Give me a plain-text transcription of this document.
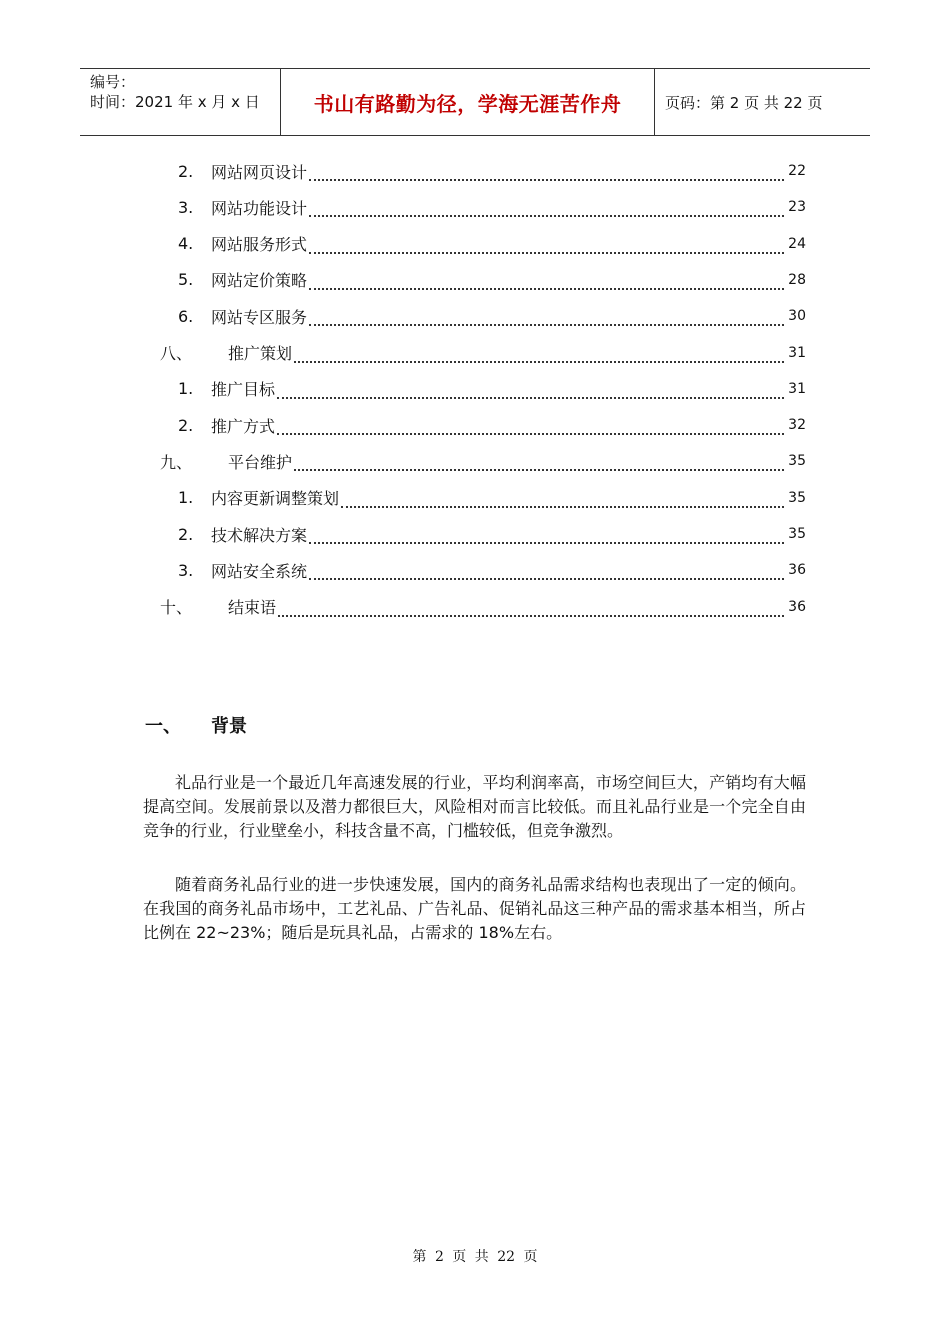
编号：
时间：2021 年 x 月 x 日	书山有路勤为径，学海无涯苦作舟	页码：第 2 页 共 22 页
2.	网站网页设计	22
3.	网站功能设计	23
4.	网站服务形式	24
5.	网站定价策略	28
6.	网站专区服务	30
八、	推广策划	31
1.	推广目标	31
2.	推广方式	32
九、	平台维护	35
1.	内容更新调整策划	35
2.	技术解决方案	35
3.	网站安全系统	36
十、	结束语	36
一、	背景

礼品行业是一个最近几年高速发展的行业，平均利润率高，市场空间巨大，产销均有大幅提高空间。发展前景以及潜力都很巨大，风险相对而言比较低。而且礼品行业是一个完全自由竞争的行业，行业壁垒小，科技含量不高，门槛较低，但竞争激烈。

随着商务礼品行业的进一步快速发展，国内的商务礼品需求结构也表现出了一定的倾向。在我国的商务礼品市场中，工艺礼品、广告礼品、促销礼品这三种产品的需求基本相当，所占比例在 22~23%；随后是玩具礼品，占需求的 18%左右。

第 2 页 共 22 页
